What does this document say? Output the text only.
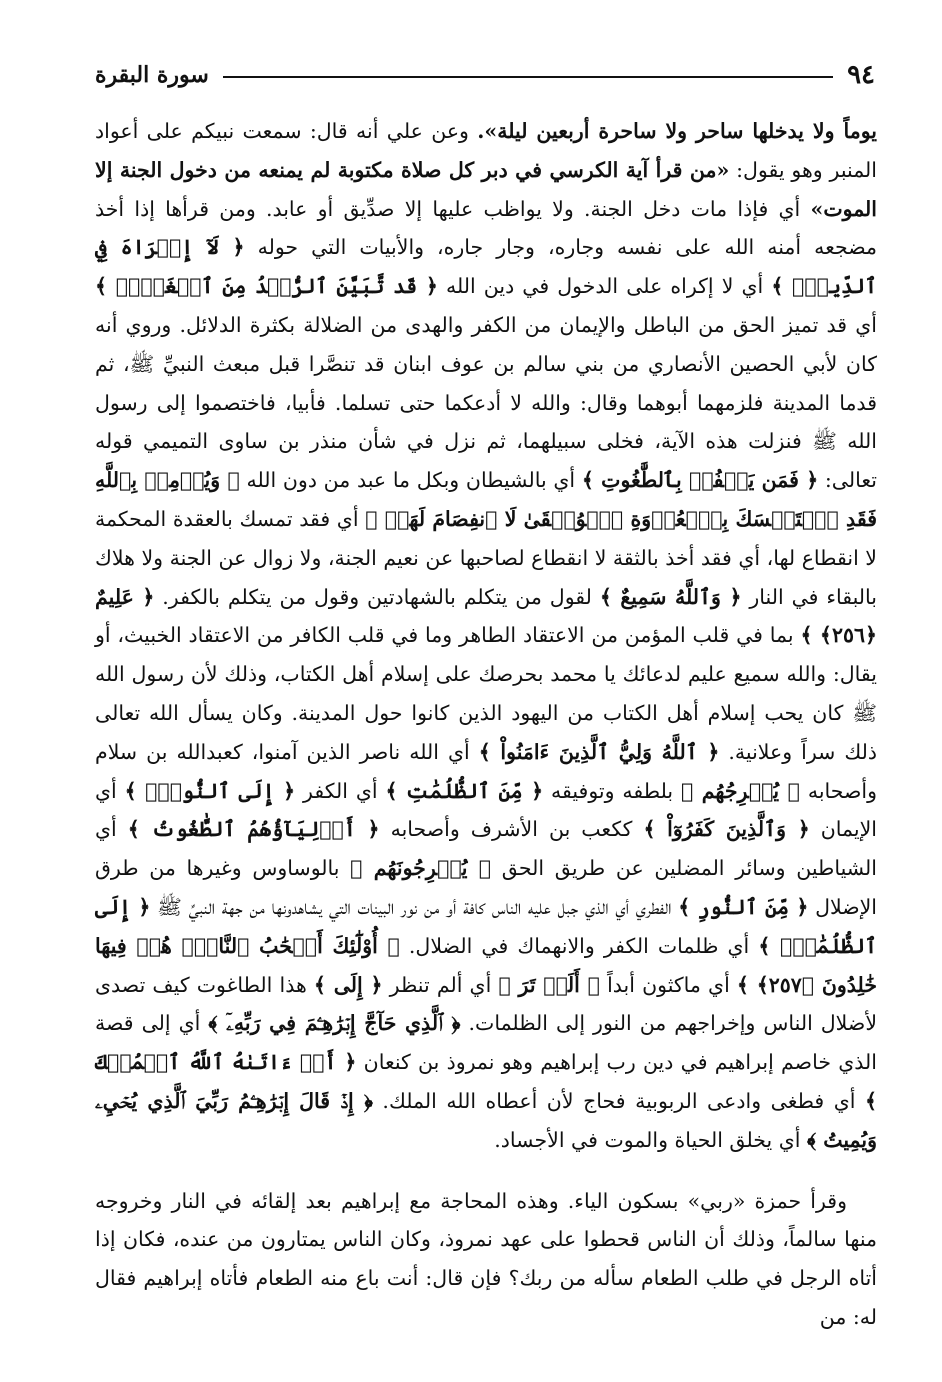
٩٤
سورة البقرة

يوماً ولا يدخلها ساحر ولا ساحرة أربعين ليلة». وعن علي أنه قال: سمعت نبيكم على أعواد المنبر وهو يقول: «من قرأ آية الكرسي في دبر كل صلاة مكتوبة لم يمنعه من دخول الجنة إلا الموت» أي فإذا مات دخل الجنة. ولا يواظب عليها إلا صدِّيق أو عابد. ومن قرأها إذا أخذ مضجعه أمنه الله على نفسه وجاره، وجار جاره، والأبيات التي حوله ﴿ لَآ إِكۡرَاهَ فِي ٱلدِّينِۖ ﴾ أي لا إكراه على الدخول في دين الله ﴿ قَد تَّبَيَّنَ ٱلرُّشۡدُ مِنَ ٱلۡغَيِّۚ ﴾ أي قد تميز الحق من الباطل والإيمان من الكفر والهدى من الضلالة بكثرة الدلائل. وروي أنه كان لأبي الحصين الأنصاري من بني سالم بن عوف ابنان قد تنصَّرا قبل مبعث النبيِّ ﷺ، ثم قدما المدينة فلزمهما أبوهما وقال: والله لا أدعكما حتى تسلما. فأبيا، فاختصموا إلى رسول الله ﷺ فنزلت هذه الآية، فخلى سبيلهما، ثم نزل في شأن منذر بن ساوى التميمي قوله تعالى: ﴿ فَمَن يَكۡفُرۡ بِٱلطَّٰغُوتِ ﴾ أي بالشيطان وبكل ما عبد من دون الله ﴿ وَيُؤۡمِنۢ بِٱللَّهِ فَقَدِ ٱسۡتَمۡسَكَ بِٱلۡعُرۡوَةِ ٱلۡوُثۡقَىٰ لَا ٱنفِصَامَ لَهَاۗ ﴾ أي فقد تمسك بالعقدة المحكمة لا انقطاع لها، أي فقد أخذ بالثقة لا انقطاع لصاحبها عن نعيم الجنة، ولا زوال عن الجنة ولا هلاك بالبقاء في النار ﴿ وَٱللَّهُ سَمِيعٌ ﴾ لقول من يتكلم بالشهادتين وقول من يتكلم بالكفر. ﴿ عَلِيمٌ ﴿٢٥٦﴾ ﴾ بما في قلب المؤمن من الاعتقاد الطاهر وما في قلب الكافر من الاعتقاد الخبيث، أو يقال: والله سميع عليم لدعائك يا محمد بحرصك على إسلام أهل الكتاب، وذلك لأن رسول الله ﷺ كان يحب إسلام أهل الكتاب من اليهود الذين كانوا حول المدينة. وكان يسأل الله تعالى ذلك سراً وعلانية. ﴿ ٱللَّهُ وَلِيُّ ٱلَّذِينَ ءَامَنُواْ ﴾ أي الله ناصر الذين آمنوا، كعبدالله بن سلام وأصحابه ﴿ يُخۡرِجُهُم ﴾ بلطفه وتوفيقه ﴿ مِّنَ ٱلظُّلُمَٰتِ ﴾ أي الكفر ﴿ إِلَى ٱلنُّورِۖ ﴾ أي الإيمان ﴿ وَٱلَّذِينَ كَفَرُوٓاْ ﴾ ككعب بن الأشرف وأصحابه ﴿ أَوۡلِيَآؤُهُمُ ٱلطَّٰغُوتُ ﴾ أي الشياطين وسائر المضلين عن طريق الحق ﴿ يُخۡرِجُونَهُم ﴾ بالوساوس وغيرها من طرق الإضلال ﴿ مِّنَ ٱلنُّورِ ﴾ الفطري أي الذي جبل عليه الناس كافة أو من نور البينات التي يشاهدونها من جهة النبيِّ ﷺ ﴿ إِلَى ٱلظُّلُمَٰتِۗ ﴾ أي ظلمات الكفر والانهماك في الضلال. ﴿ أُوْلَٰٓئِكَ أَصۡحَٰبُ ٱلنَّارِۖ هُمۡ فِيهَا خَٰلِدُونَ ﴿٢٥٧﴾ ﴾ أي ماكثون أبداً ﴿ أَلَمۡ تَرَ ﴾ أي ألم تنظر ﴿ إِلَى ﴾ هذا الطاغوت كيف تصدى لأضلال الناس وإخراجهم من النور إلى الظلمات. ﴿ ٱلَّذِي حَآجَّ إِبۡرَٰهِـۧمَ فِي رَبِّهِۦٓ ﴾ أي إلى قصة الذي خاصم إبراهيم في دين رب إبراهيم وهو نمروذ بن كنعان ﴿ أَنۡ ءَاتَىٰهُ ٱللَّهُ ٱلۡمُلۡكَ ﴾ أي فطغى وادعى الربوبية فحاج لأن أعطاه الله الملك. ﴿ إِذۡ قَالَ إِبۡرَٰهِـۧمُ رَبِّيَ ٱلَّذِي يُحۡيِۦ وَيُمِيتُ ﴾ أي يخلق الحياة والموت في الأجساد.

وقرأ حمزة «ربي» بسكون الياء. وهذه المحاجة مع إبراهيم بعد إلقائه في النار وخروجه منها سالماً، وذلك أن الناس قحطوا على عهد نمروذ، وكان الناس يمتارون من عنده، فكان إذا أتاه الرجل في طلب الطعام سأله من ربك؟ فإن قال: أنت باع منه الطعام فأتاه إبراهيم فقال له: من
